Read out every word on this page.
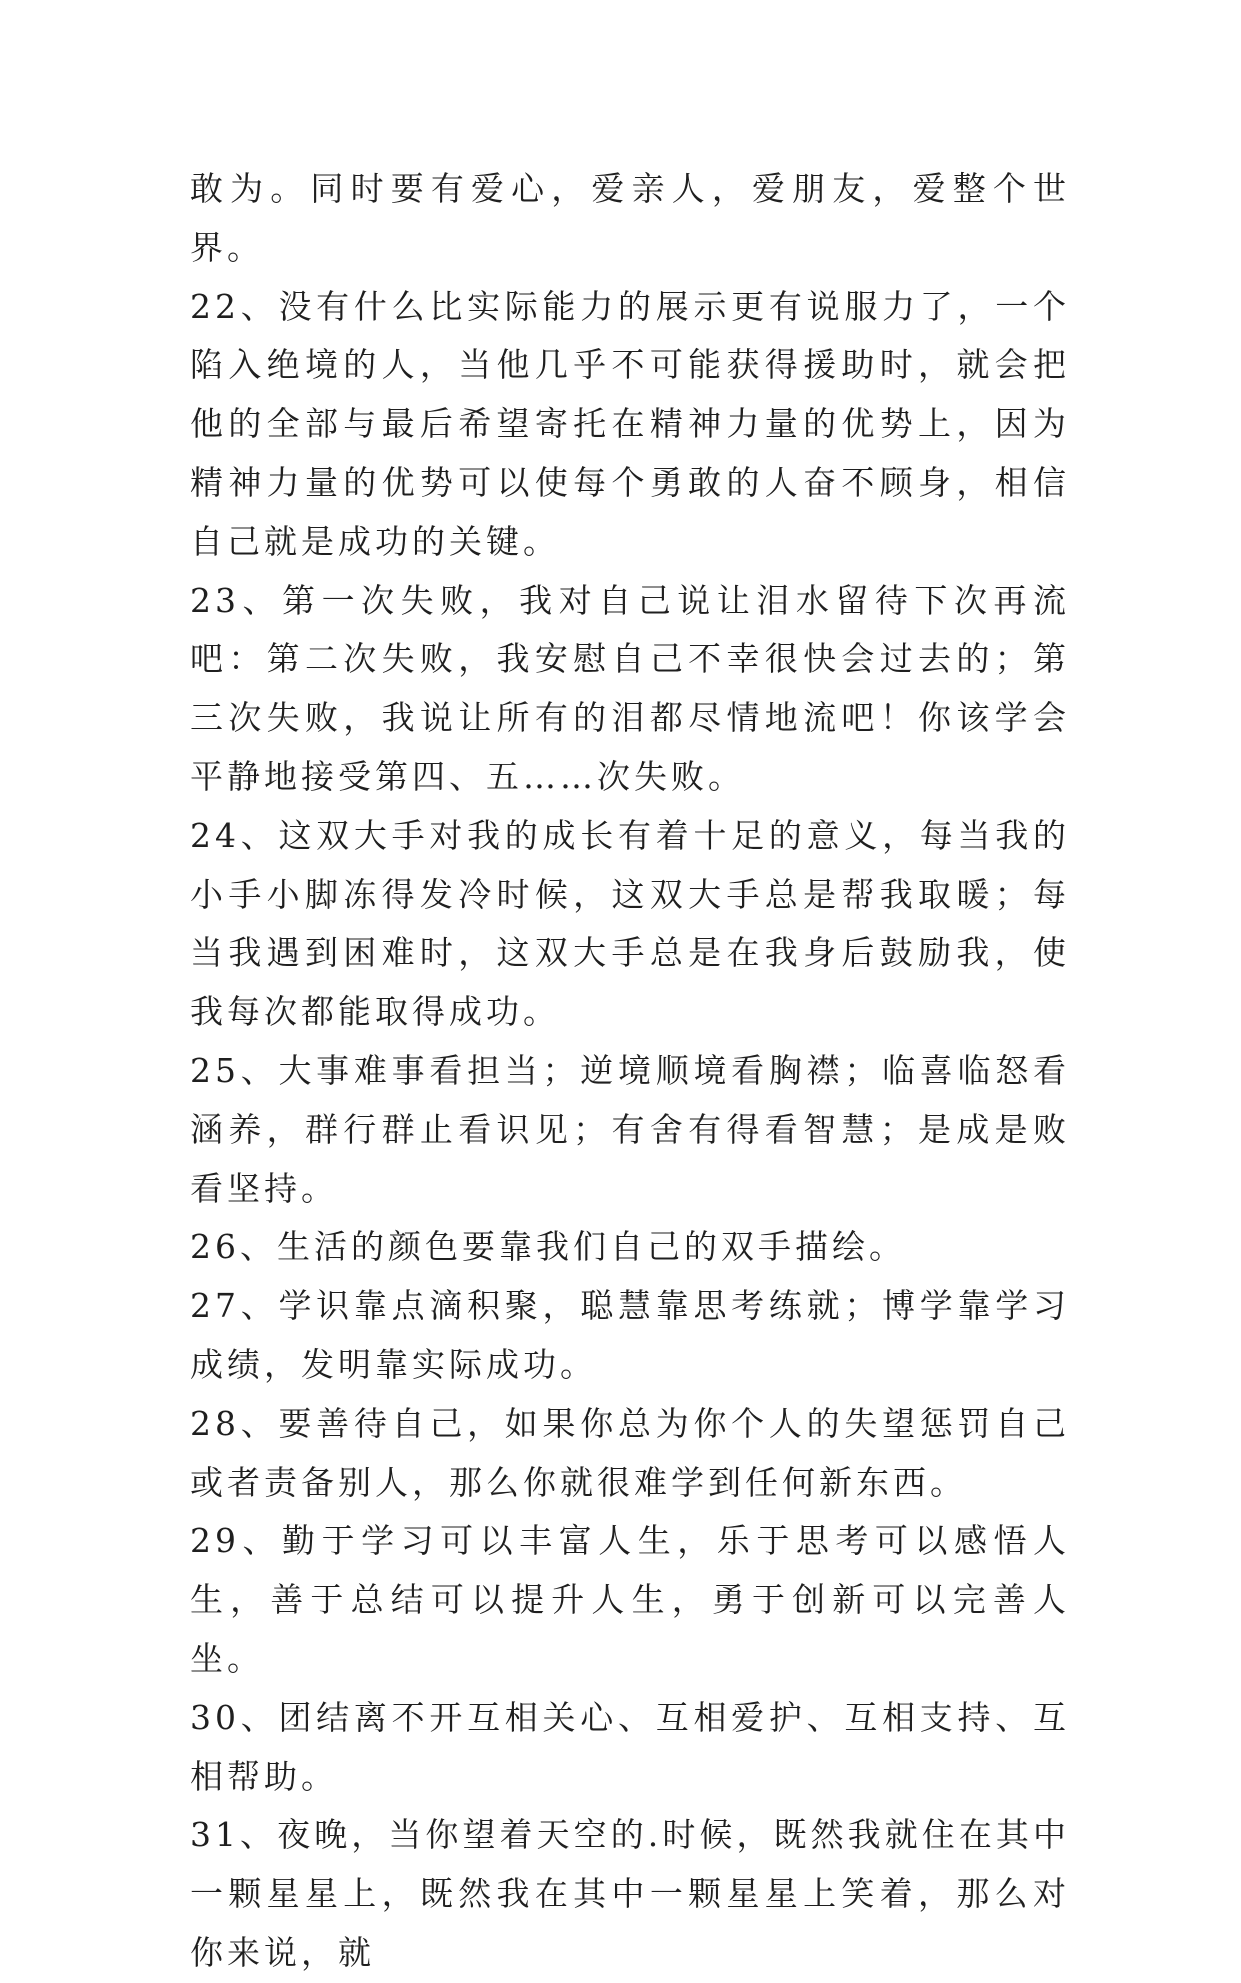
敢为。同时要有爱心，爱亲人，爱朋友，爱整个世界。

22、没有什么比实际能力的展示更有说服力了，一个陷入绝境的人，当他几乎不可能获得援助时，就会把他的全部与最后希望寄托在精神力量的优势上，因为精神力量的优势可以使每个勇敢的人奋不顾身，相信自己就是成功的关键。

23、第一次失败，我对自己说让泪水留待下次再流吧：第二次失败，我安慰自己不幸很快会过去的；第三次失败，我说让所有的泪都尽情地流吧！你该学会平静地接受第四、五……次失败。

24、这双大手对我的成长有着十足的意义，每当我的小手小脚冻得发冷时候，这双大手总是帮我取暖；每当我遇到困难时，这双大手总是在我身后鼓励我，使我每次都能取得成功。

25、大事难事看担当；逆境顺境看胸襟；临喜临怒看涵养，群行群止看识见；有舍有得看智慧；是成是败看坚持。

26、生活的颜色要靠我们自己的双手描绘。

27、学识靠点滴积聚，聪慧靠思考练就；博学靠学习成绩，发明靠实际成功。

28、要善待自己，如果你总为你个人的失望惩罚自己或者责备别人，那么你就很难学到任何新东西。

29、勤于学习可以丰富人生，乐于思考可以感悟人生，善于总结可以提升人生，勇于创新可以完善人坐。

30、团结离不开互相关心、互相爱护、互相支持、互相帮助。

31、夜晚，当你望着天空的.时候，既然我就住在其中一颗星星上，既然我在其中一颗星星上笑着，那么对你来说，就
